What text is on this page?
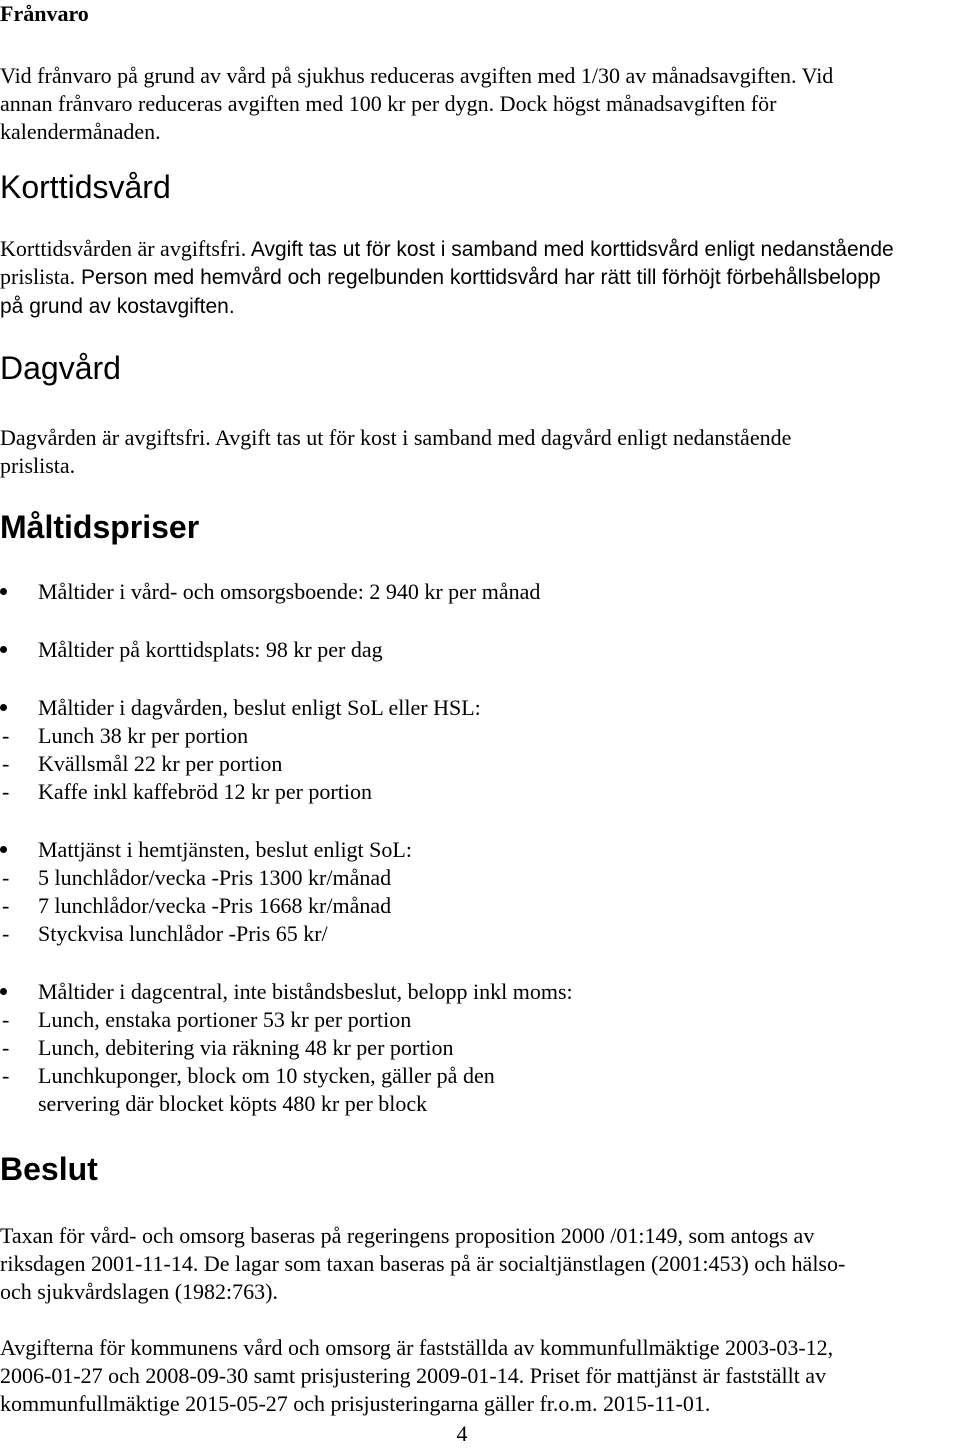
Frånvaro
Vid frånvaro på grund av vård på sjukhus reduceras avgiften med 1/30 av månadsavgiften. Vid
annan frånvaro reduceras avgiften med 100 kr per dygn. Dock högst månadsavgiften för
kalendermånaden.
Korttidsvård
Korttidsvården är avgiftsfri. Avgift tas ut för kost i samband med korttidsvård enligt nedanstående
prislista. Person med hemvård och regelbunden korttidsvård har rätt till förhöjt förbehållsbelopp
på grund av kostavgiften.
Dagvård
Dagvården är avgiftsfri. Avgift tas ut för kost i samband med dagvård enligt nedanstående
prislista.
Måltidspriser
Måltider i vård- och omsorgsboende: 2 940 kr per månad
Måltider på korttidsplats: 98 kr per dag
Måltider i dagvården, beslut enligt SoL eller HSL:
- Lunch 38 kr per portion
- Kvällsmål 22 kr per portion
- Kaffe inkl kaffebröd 12 kr per portion
Mattjänst i hemtjänsten, beslut enligt SoL:
- 5 lunchlådor/vecka -Pris 1300 kr/månad
- 7 lunchlådor/vecka -Pris 1668 kr/månad
- Styckvisa lunchlådor -Pris 65 kr/
Måltider i dagcentral, inte biståndsbeslut, belopp inkl moms:
- Lunch, enstaka portioner 53 kr per portion
- Lunch, debitering via räkning 48 kr per portion
- Lunchkuponger, block om 10 stycken, gäller på den
servering där blocket köpts 480 kr per block
Beslut
Taxan för vård- och omsorg baseras på regeringens proposition 2000 /01:149, som antogs av
riksdagen 2001-11-14. De lagar som taxan baseras på är socialtjänstlagen (2001:453) och hälso-
och sjukvårdslagen (1982:763).
Avgifterna för kommunens vård och omsorg är fastställda av kommunfullmäktige 2003-03-12,
2006-01-27 och 2008-09-30 samt prisjustering 2009-01-14. Priset för mattjänst är fastställt av
kommunfullmäktige 2015-05-27 och prisjusteringarna gäller fr.o.m. 2015-11-01.
4
